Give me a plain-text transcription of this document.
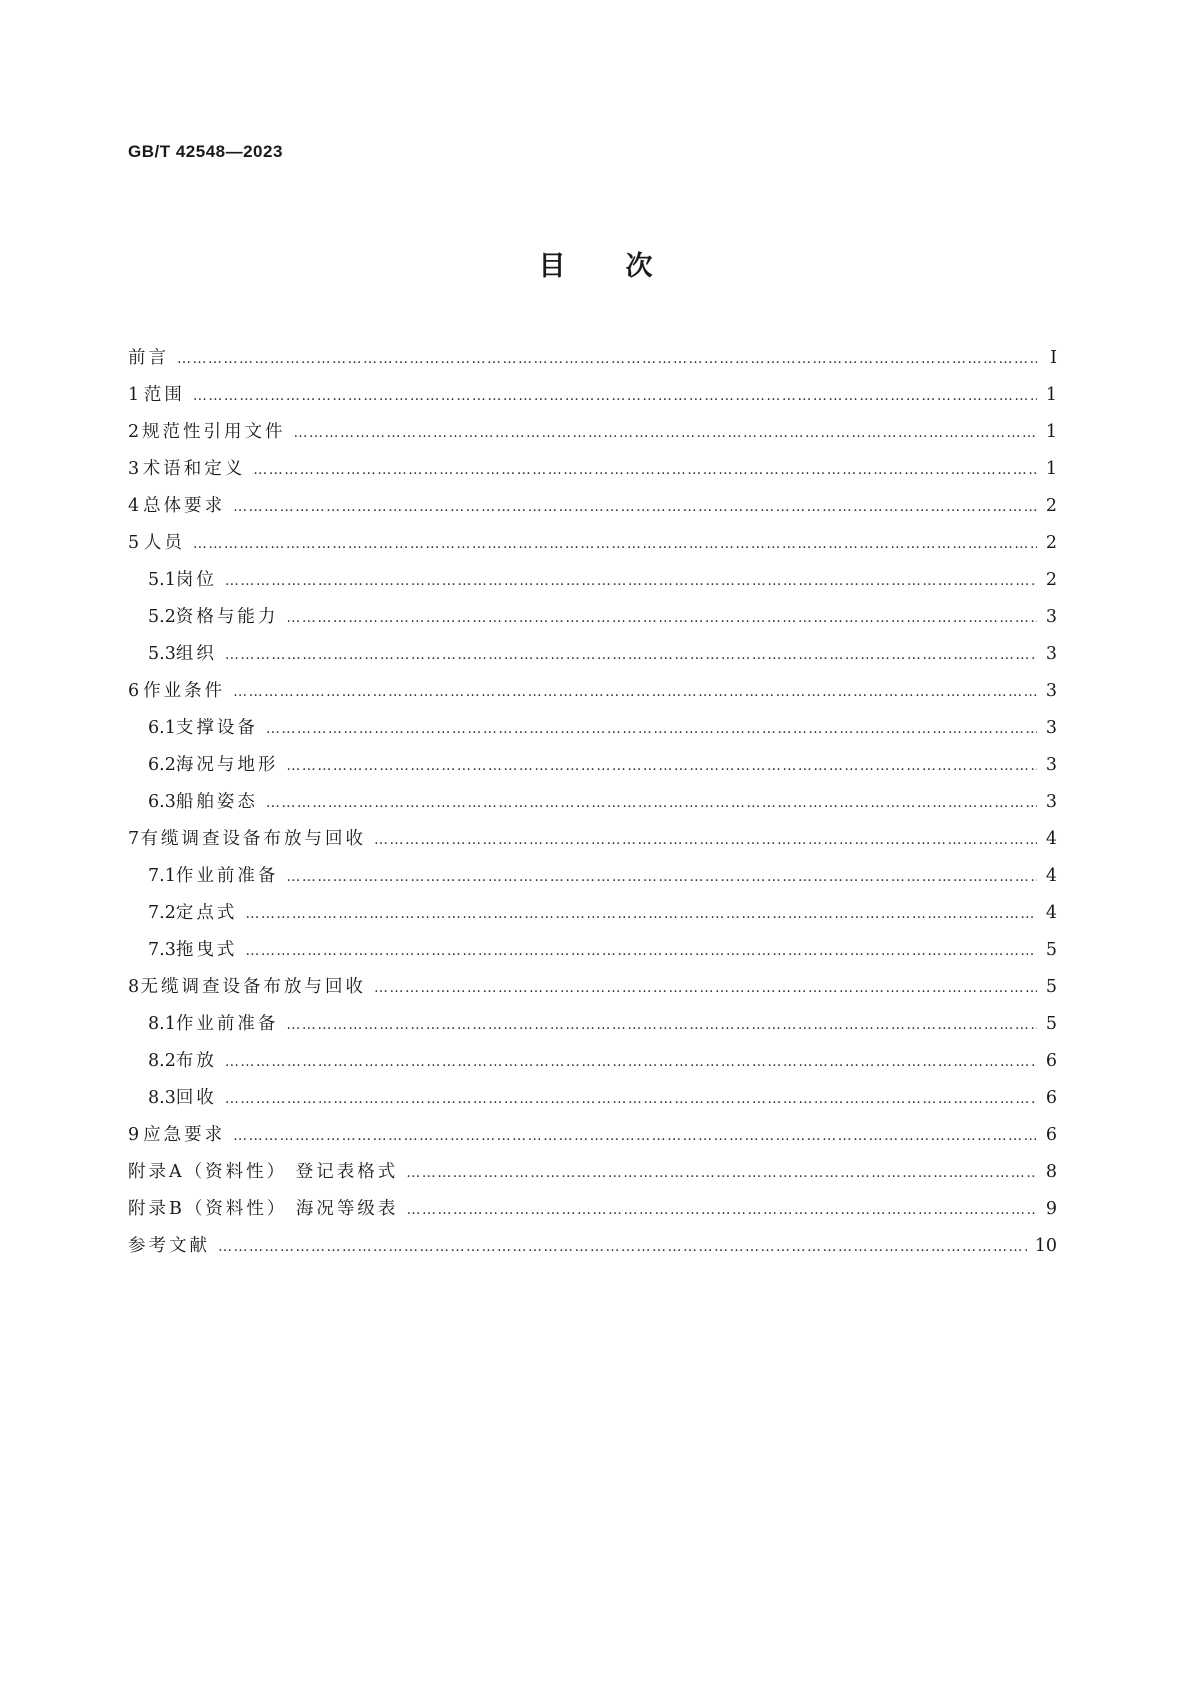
GB/T 42548—2023
目次
前言 ………………………………………………………………………………………………………………………………………………………………………………………………………………………………………………………………	Ⅰ
1 范围 ………………………………………………………………………………………………………………………………………………………………………………………………………………………………………………………………	1
2 规范性引用文件 ………………………………………………………………………………………………………………………………………………………………………………………………………………………………………………………………	1
3 术语和定义 ………………………………………………………………………………………………………………………………………………………………………………………………………………………………………………………………	1
4 总体要求 ………………………………………………………………………………………………………………………………………………………………………………………………………………………………………………………………	2
5 人员 ………………………………………………………………………………………………………………………………………………………………………………………………………………………………………………………………	2
5.1 岗位 ………………………………………………………………………………………………………………………………………………………………………………………………………………………………………………………………	2
5.2 资格与能力 ………………………………………………………………………………………………………………………………………………………………………………………………………………………………………………………………	3
5.3 组织 ………………………………………………………………………………………………………………………………………………………………………………………………………………………………………………………………	3
6 作业条件 ………………………………………………………………………………………………………………………………………………………………………………………………………………………………………………………………	3
6.1 支撑设备 ………………………………………………………………………………………………………………………………………………………………………………………………………………………………………………………………	3
6.2 海况与地形 ………………………………………………………………………………………………………………………………………………………………………………………………………………………………………………………………	3
6.3 船舶姿态 ………………………………………………………………………………………………………………………………………………………………………………………………………………………………………………………………	3
7 有缆调查设备布放与回收 ………………………………………………………………………………………………………………………………………………………………………………………………………………………………………………………………	4
7.1 作业前准备 ………………………………………………………………………………………………………………………………………………………………………………………………………………………………………………………………	4
7.2 定点式 ………………………………………………………………………………………………………………………………………………………………………………………………………………………………………………………………	4
7.3 拖曳式 ………………………………………………………………………………………………………………………………………………………………………………………………………………………………………………………………	5
8 无缆调查设备布放与回收 ………………………………………………………………………………………………………………………………………………………………………………………………………………………………………………………………	5
8.1 作业前准备 ………………………………………………………………………………………………………………………………………………………………………………………………………………………………………………………………	5
8.2 布放 ………………………………………………………………………………………………………………………………………………………………………………………………………………………………………………………………	6
8.3 回收 ………………………………………………………………………………………………………………………………………………………………………………………………………………………………………………………………	6
9 应急要求 ………………………………………………………………………………………………………………………………………………………………………………………………………………………………………………………………	6
附录A（资料性） 登记表格式 ………………………………………………………………………………………………………………………………………………………………………………………………………………………………………………………………	8
附录B（资料性） 海况等级表 ………………………………………………………………………………………………………………………………………………………………………………………………………………………………………………………………	9
参考文献 ………………………………………………………………………………………………………………………………………………………………………………………………………………………………………………………………	10
